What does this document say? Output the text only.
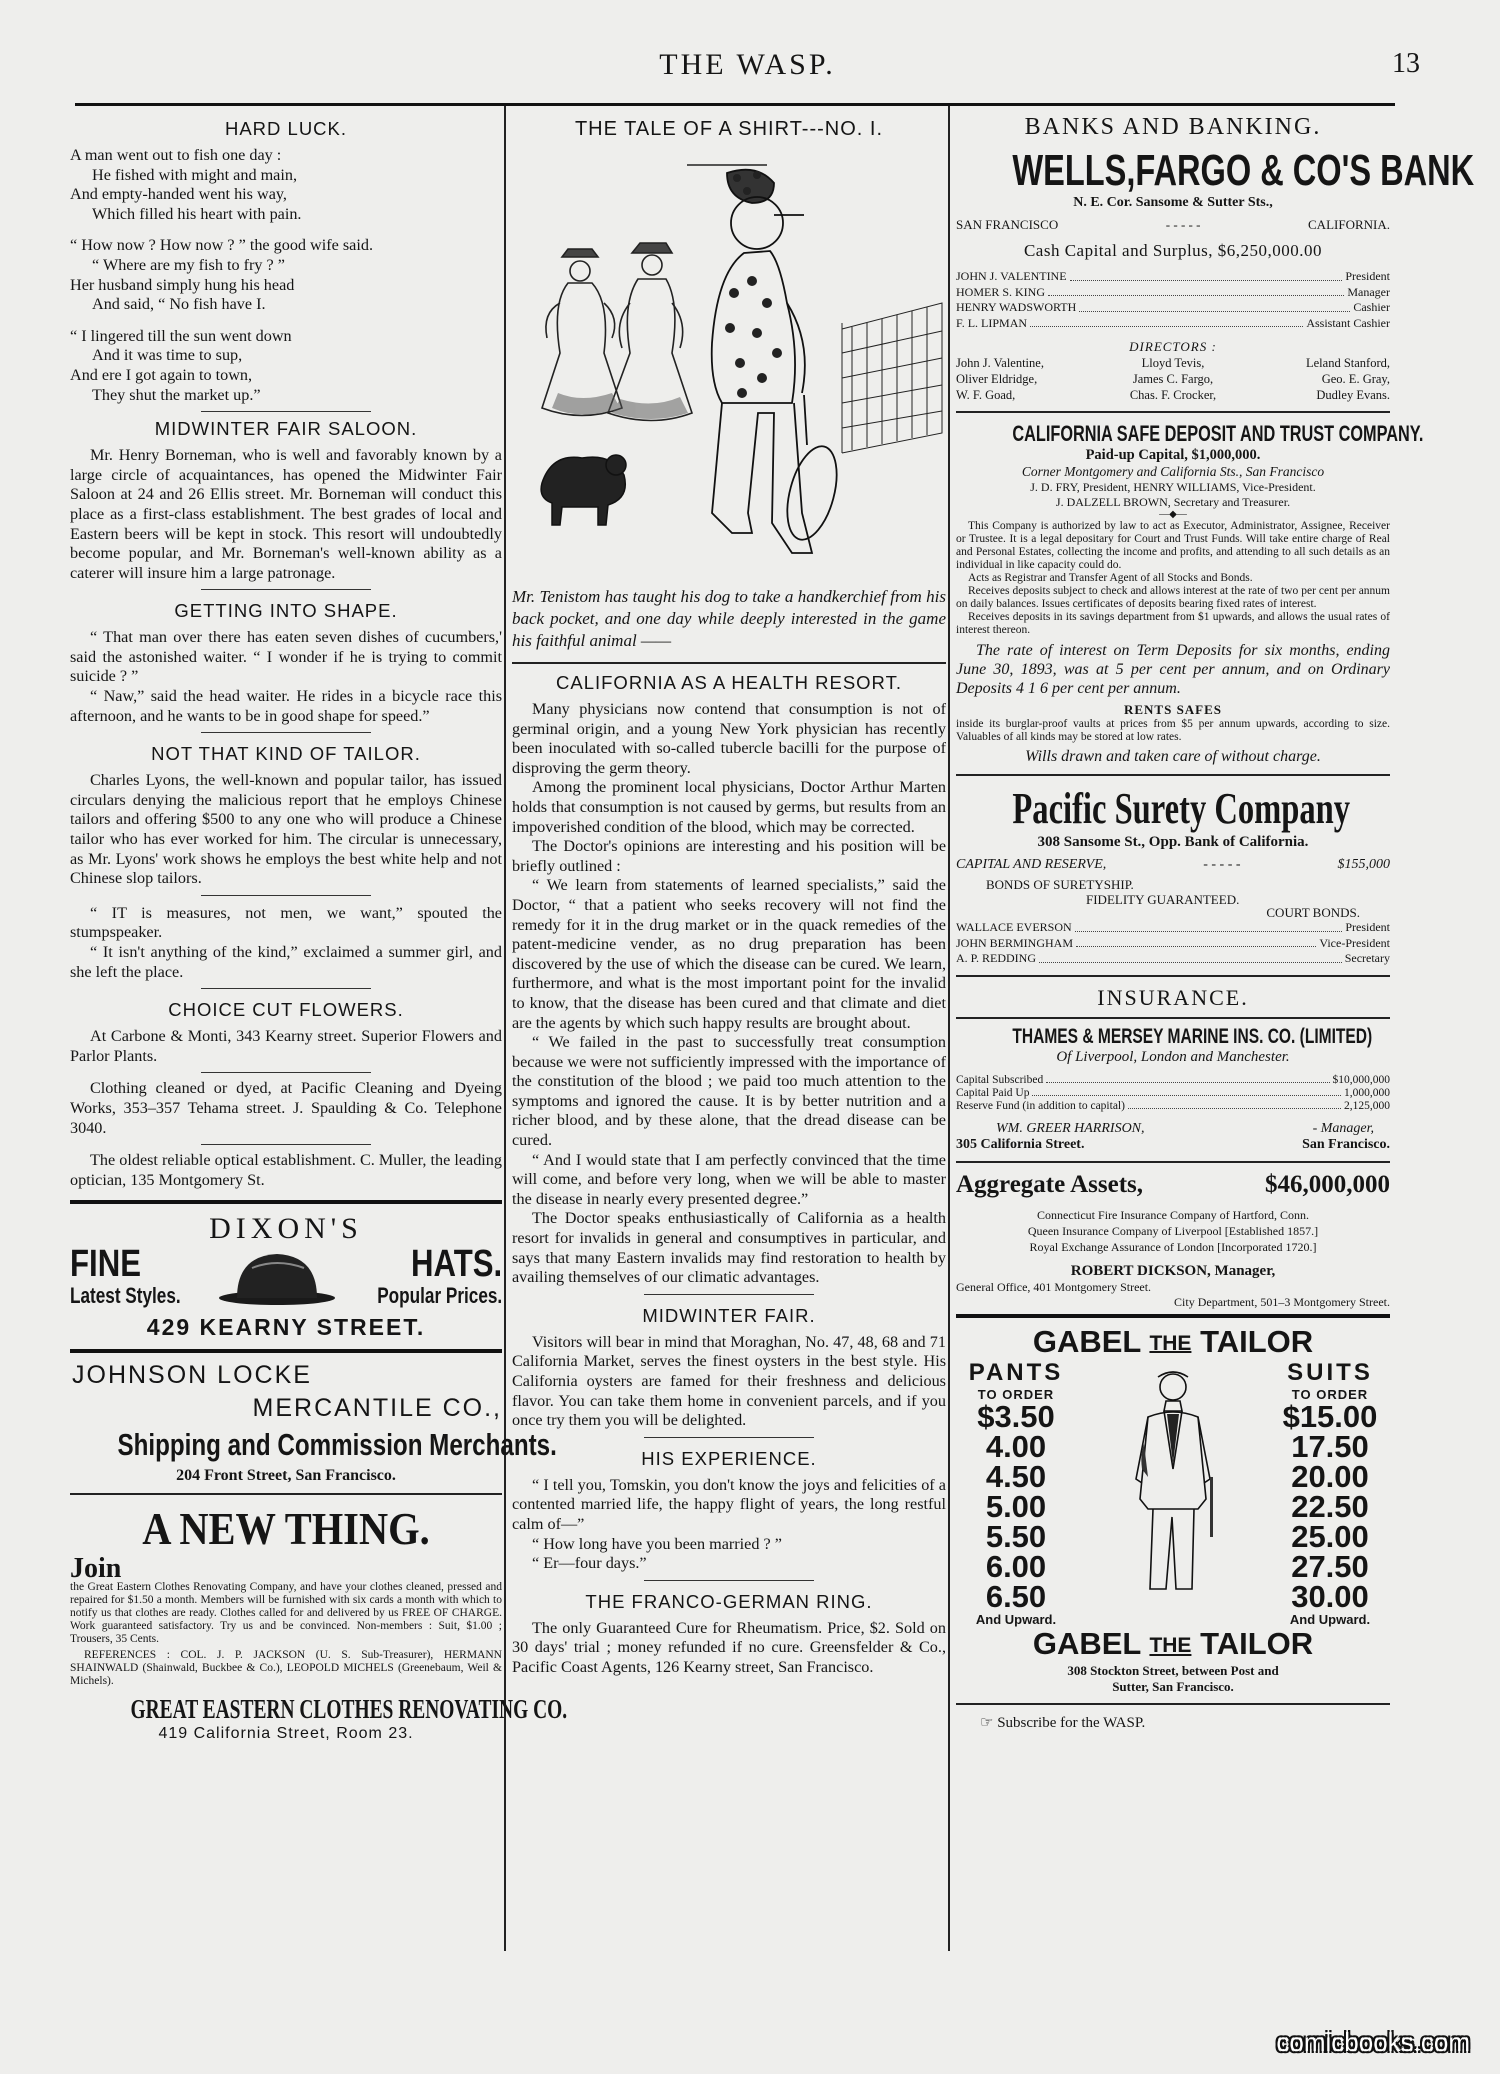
THE WASP.	13
HARD LUCK.
A man went out to fish one day :
He fished with might and main,
And empty-handed went his way,
Which filled his heart with pain.
“ How now ? How now ? ” the good wife said.
“ Where are my fish to fry ? ”
Her husband simply hung his head
And said, “ No fish have I.
“ I lingered till the sun went down
And it was time to sup,
And ere I got again to town,
They shut the market up.”
MIDWINTER FAIR SALOON.

Mr. Henry Borneman, who is well and favorably known by a large circle of acquaintances, has opened the Midwinter Fair Saloon at 24 and 26 Ellis street. Mr. Borneman will conduct this place as a first-class establishment. The best grades of local and Eastern beers will be kept in stock. This resort will undoubtedly become popular, and Mr. Borneman's well-known ability as a caterer will insure him a large patronage.

GETTING INTO SHAPE.

“ That man over there has eaten seven dishes of cucumbers,' said the astonished waiter. “ I wonder if he is trying to commit suicide ? ”

“ Naw,” said the head waiter. He rides in a bicycle race this afternoon, and he wants to be in good shape for speed.”

NOT THAT KIND OF TAILOR.

Charles Lyons, the well-known and popular tailor, has issued circulars denying the malicious report that he employs Chinese tailors and offering $500 to any one who will produce a Chinese tailor who has ever worked for him. The circular is unnecessary, as Mr. Lyons' work shows he employs the best white help and not Chinese slop tailors.

“ IT is measures, not men, we want,” spouted the stumpspeaker.

“ It isn't anything of the kind,” exclaimed a summer girl, and she left the place.

CHOICE CUT FLOWERS.

At Carbone & Monti, 343 Kearny street. Superior Flowers and Parlor Plants.

Clothing cleaned or dyed, at Pacific Cleaning and Dyeing Works, 353–357 Tehama street. J. Spaulding & Co. Telephone 3040.

The oldest reliable optical establishment. C. Muller, the leading optician, 135 Montgomery St.

DIXON'S
FINE
Latest Styles.
HATS.
Popular Prices.
429 KEARNY STREET.
JOHNSON LOCKE
MERCANTILE CO.,
Shipping and Commission Merchants.
204 Front Street, San Francisco.
A NEW THING.
Join
the Great Eastern Clothes Renovating Company, and have your clothes cleaned, pressed and repaired for $1.50 a month. Members will be furnished with six cards a month with which to notify us that clothes are ready. Clothes called for and delivered by us FREE OF CHARGE. Work guaranteed satisfactory. Try us and be convinced. Non-members : Suit, $1.00 ; Trousers, 35 Cents.
REFERENCES : COL. J. P. JACKSON (U. S. Sub-Treasurer), HERMANN SHAINWALD (Shainwald, Buckbee & Co.), LEOPOLD MICHELS (Greenebaum, Weil & Michels).
GREAT EASTERN CLOTHES RENOVATING CO.
419 California Street, Room 23.
THE TALE OF A SHIRT---NO. I.
Mr. Tenistom has taught his dog to take a handkerchief from his back pocket, and one day while deeply interested in the game his faithful animal ——
CALIFORNIA AS A HEALTH RESORT.

Many physicians now contend that consumption is not of germinal origin, and a young New York physician has recently been inoculated with so-called tubercle bacilli for the purpose of disproving the germ theory.

Among the prominent local physicians, Doctor Arthur Marten holds that consumption is not caused by germs, but results from an impoverished condition of the blood, which may be corrected.

The Doctor's opinions are interesting and his position will be briefly outlined :

“ We learn from statements of learned specialists,” said the Doctor, “ that a patient who seeks recovery will not find the remedy for it in the drug market or in the quack remedies of the patent-medicine vender, as no drug preparation has been discovered by the use of which the disease can be cured. We learn, furthermore, and what is the most important point for the invalid to know, that the disease has been cured and that climate and diet are the agents by which such happy results are brought about.

“ We failed in the past to successfully treat consumption because we were not sufficiently impressed with the importance of the constitution of the blood ; we paid too much attention to the symptoms and ignored the cause. It is by better nutrition and a richer blood, and by these alone, that the dread disease can be cured.

“ And I would state that I am perfectly convinced that the time will come, and before very long, when we will be able to master the disease in nearly every presented degree.”

The Doctor speaks enthusiastically of California as a health resort for invalids in general and consumptives in particular, and says that many Eastern invalids may find restoration to health by availing themselves of our climatic advantages.

MIDWINTER FAIR.

Visitors will bear in mind that Moraghan, No. 47, 48, 68 and 71 California Market, serves the finest oysters in the best style. His California oysters are famed for their freshness and delicious flavor. You can take them home in convenient parcels, and if you once try them you will be delighted.

HIS EXPERIENCE.

“ I tell you, Tomskin, you don't know the joys and felicities of a contented married life, the happy flight of years, the long restful calm of—”

“ How long have you been married ? ”

“ Er—four days.”

THE FRANCO-GERMAN RING.

The only Guaranteed Cure for Rheumatism. Price, $2. Sold on 30 days' trial ; money refunded if no cure. Greensfelder & Co., Pacific Coast Agents, 126 Kearny street, San Francisco.

BANKS AND BANKING.
WELLS,FARGO & CO'S BANK
N. E. Cor. Sansome & Sutter Sts.,
SAN FRANCISCO	- - - - -	CALIFORNIA.
Cash Capital and Surplus, $6,250,000.00
JOHN J. VALENTINE	President
HOMER S. KING	Manager
HENRY WADSWORTH	Cashier
F. L. LIPMAN	Assistant Cashier
DIRECTORS :
John J. Valentine,	Lloyd Tevis,	Leland Stanford,
Oliver Eldridge,	James C. Fargo,	Geo. E. Gray,
W. F. Goad,	Chas. F. Crocker,	Dudley Evans.
CALIFORNIA SAFE DEPOSIT AND TRUST COMPANY.
Paid-up Capital, $1,000,000.
Corner Montgomery and California Sts., San Francisco
J. D. FRY, President, HENRY WILLIAMS, Vice-President.
J. DALZELL BROWN, Secretary and Treasurer.
—◆—
This Company is authorized by law to act as Executor, Administrator, Assignee, Receiver or Trustee. It is a legal depositary for Court and Trust Funds. Will take entire charge of Real and Personal Estates, collecting the income and profits, and attending to all such details as an individual in like capacity could do.
Acts as Registrar and Transfer Agent of all Stocks and Bonds.
Receives deposits subject to check and allows interest at the rate of two per cent per annum on daily balances. Issues certificates of deposits bearing fixed rates of interest.
Receives deposits in its savings department from $1 upwards, and allows the usual rates of interest thereon.
The rate of interest on Term Deposits for six months, ending June 30, 1893, was at 5 per cent per annum, and on Ordinary Deposits 4 1 6 per cent per annum.
RENTS SAFES
inside its burglar-proof vaults at prices from $5 per annum upwards, according to size. Valuables of all kinds may be stored at low rates.
Wills drawn and taken care of without charge.
Pacific Surety Company
308 Sansome St., Opp. Bank of California.
CAPITAL AND RESERVE,	- - - - -	$155,000
BONDS OF SURETYSHIP.
FIDELITY GUARANTEED.
COURT BONDS.
WALLACE EVERSON	President
JOHN BERMINGHAM	Vice-President
A. P. REDDING	Secretary
INSURANCE.
THAMES & MERSEY MARINE INS. CO. (LIMITED)
Of Liverpool, London and Manchester.
Capital Subscribed	$10,000,000
Capital Paid Up	1,000,000
Reserve Fund (in addition to capital)	2,125,000
WM. GREER HARRISON,	- Manager,
305 California Street.	San Francisco.
Aggregate Assets,	$46,000,000
Connecticut Fire Insurance Company of Hartford, Conn.
Queen Insurance Company of Liverpool [Established 1857.]
Royal Exchange Assurance of London [Incorporated 1720.]
ROBERT DICKSON, Manager,
General Office, 401 Montgomery Street.
City Department, 501–3 Montgomery Street.
GABEL THE TAILOR
PANTS
TO ORDER
$3.50
4.00
4.50
5.00
5.50
6.00
6.50
And Upward.
SUITS
TO ORDER
$15.00
17.50
20.00
22.50
25.00
27.50
30.00
And Upward.
GABEL THE TAILOR
308 Stockton Street, between Post and
Sutter, San Francisco.
☞ Subscribe for the WASP.
comicbooks.com
